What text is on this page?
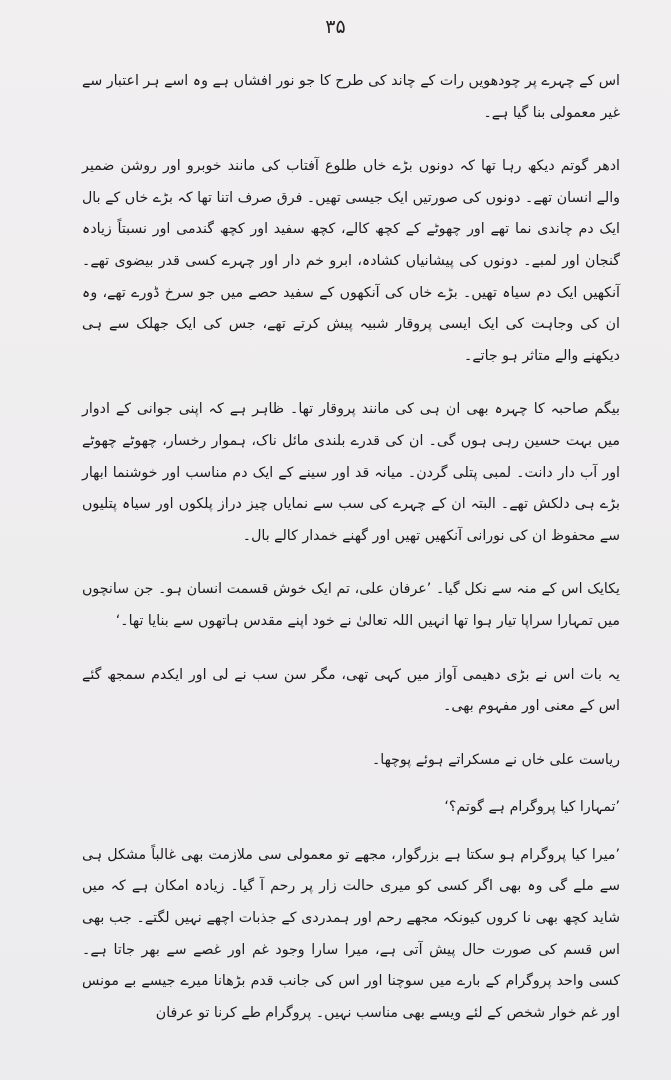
۳۵

اس کے چہرے پر چودھویں رات کے چاند کی طرح کا جو نور افشاں ہے وہ اسے ہر اعتبار سے غیر معمولی بنا گیا ہے۔

ادھر گوتم دیکھ رہا تھا کہ دونوں بڑے خاں طلوع آفتاب کی مانند خوبرو اور روشن ضمیر والے انسان تھے۔ دونوں کی صورتیں ایک جیسی تھیں۔ فرق صرف اتنا تھا کہ بڑے خاں کے بال ایک دم چاندی نما تھے اور چھوٹے کے کچھ کالے، کچھ سفید اور کچھ گندمی اور نسبتاً زیادہ گنجان اور لمبے۔ دونوں کی پیشانیاں کشادہ، ابرو خم دار اور چہرے کسی قدر بیضوی تھے۔ آنکھیں ایک دم سیاہ تھیں۔ بڑے خاں کی آنکھوں کے سفید حصے میں جو سرخ ڈورے تھے، وہ ان کی وجاہت کی ایک ایسی پروقار شبیہ پیش کرتے تھے، جس کی ایک جھلک سے ہی دیکھنے والے متاثر ہو جاتے۔

بیگم صاحبہ کا چہرہ بھی ان ہی کی مانند پروقار تھا۔ ظاہر ہے کہ اپنی جوانی کے ادوار میں بہت حسین رہی ہوں گی۔ ان کی قدرے بلندی مائل ناک، ہموار رخسار، چھوٹے چھوٹے اور آب دار دانت۔ لمبی پتلی گردن۔ میانہ قد اور سینے کے ایک دم مناسب اور خوشنما ابھار بڑے ہی دلکش تھے۔ البتہ ان کے چہرے کی سب سے نمایاں چیز دراز پلکوں اور سیاہ پتلیوں سے محفوظ ان کی نورانی آنکھیں تھیں اور گھنے خمدار کالے بال۔

یکایک اس کے منہ سے نکل گیا۔ ’عرفان علی، تم ایک خوش قسمت انسان ہو۔ جن سانچوں میں تمہارا سراپا تیار ہوا تھا انہیں اللہ تعالیٰ نے خود اپنے مقدس ہاتھوں سے بنایا تھا۔‘

یہ بات اس نے بڑی دھیمی آواز میں کہی تھی، مگر سن سب نے لی اور ایکدم سمجھ گئے اس کے معنی اور مفہوم بھی۔

ریاست علی خاں نے مسکراتے ہوئے پوچھا۔

’تمہارا کیا پروگرام ہے گوتم؟‘

’میرا کیا پروگرام ہو سکتا ہے بزرگوار، مجھے تو معمولی سی ملازمت بھی غالباً مشکل ہی سے ملے گی وہ بھی اگر کسی کو میری حالت زار پر رحم آ گیا۔ زیادہ امکان ہے کہ میں شاید کچھ بھی نا کروں کیونکہ مجھے رحم اور ہمدردی کے جذبات اچھے نہیں لگتے۔ جب بھی اس قسم کی صورت حال پیش آتی ہے، میرا سارا وجود غم اور غصے سے بھر جاتا ہے۔ کسی واحد پروگرام کے بارے میں سوچنا اور اس کی جانب قدم بڑھانا میرے جیسے بے مونس اور غم خوار شخص کے لئے ویسے بھی مناسب نہیں۔ پروگرام طے کرنا تو عرفان
